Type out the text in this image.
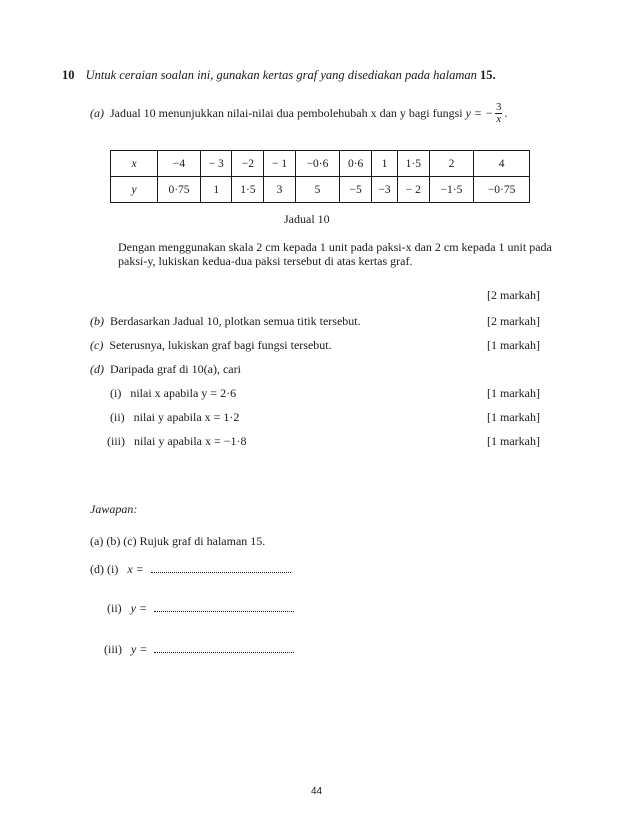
10 Untuk ceraian soalan ini, gunakan kertas graf yang disediakan pada halaman 15.
(a)
Jadual 10 menunjukkan nilai-nilai dua pembolehubah x dan y bagi fungsi
y = − $\frac{3}{x}$ .
x	−4	− 3	−2	− 1	−0·6	0·6	1	1·5	2	4
y	0·75	1	1·5	3	5	−5	−3	− 2	−1·5	−0·75
Jadual 10
Dengan menggunakan skala 2 cm kepada 1 unit pada paksi-x dan 2 cm kepada 1 unit pada paksi-y, lukiskan kedua-dua paksi tersebut di atas kertas graf.
[2 markah]
(b) Berdasarkan Jadual 10, plotkan semua titik tersebut.	[2 markah]
(c) Seterusnya, lukiskan graf bagi fungsi tersebut.	[1 markah]
(d) Daripada graf di 10(a), cari
(i) nilai x apabila y = 2·6	[1 markah]
(ii) nilai y apabila x = 1·2	[1 markah]
(iii) nilai y apabila x = −1·8	[1 markah]
Jawapan:
(a) (b) (c) Rujuk graf di halaman 15.
(d) (i) x =
(ii) y =
(iii) y =
44
